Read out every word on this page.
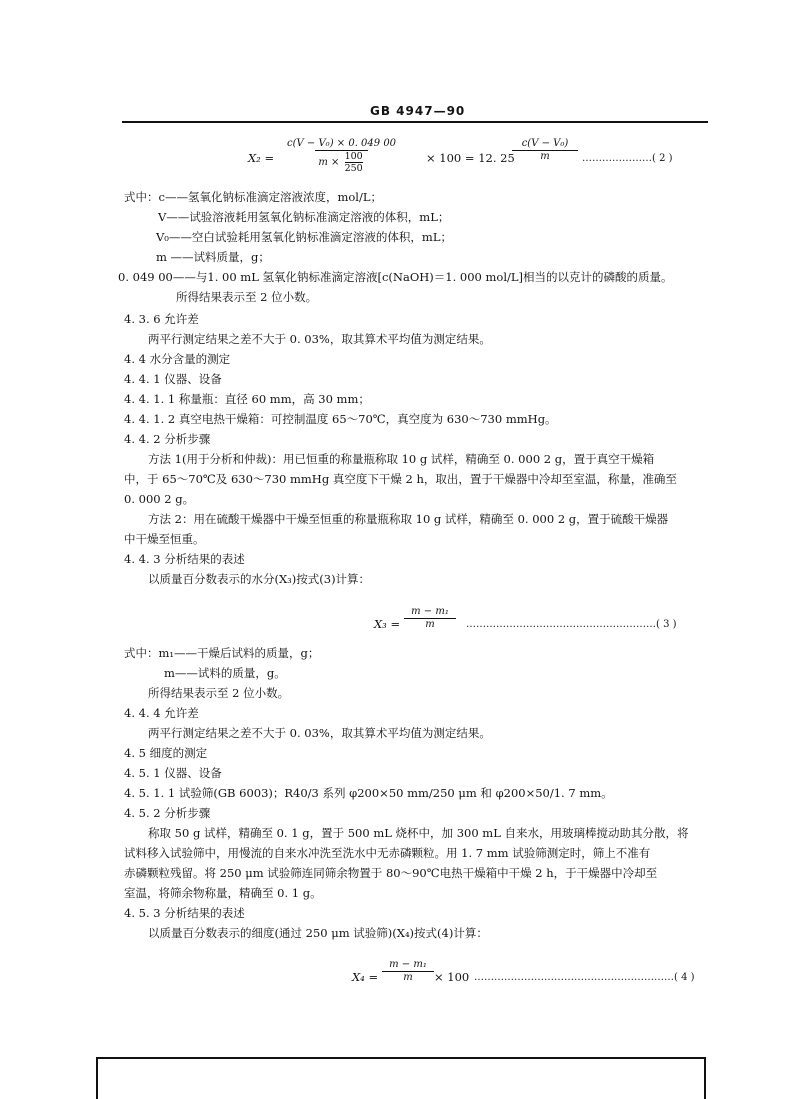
GB 4947—90
$X_2 = \frac{\text{c(V − V₀) × 0. 049 00}}{m \times \frac{100}{250}} \times 100 = 12$. 25
$\frac{\text{c(V − V₀)}}{m}$ …………………( 2 )
式中：c——氢氧化钠标准滴定溶液浓度，mol/L；
V——试验溶液耗用氢氧化钠标准滴定溶液的体积，mL；
V₀——空白试验耗用氢氧化钠标准滴定溶液的体积，mL；
m ——试料质量，g；
0. 049 00——与1. 00 mL 氢氧化钠标准滴定溶液[c(NaOH)＝1. 000 mol/L]相当的以克计的磷酸的质量。
所得结果表示至 2 位小数。
4. 3. 6 允许差
两平行测定结果之差不大于 0. 03%，取其算术平均值为测定结果。
4. 4 水分含量的测定
4. 4. 1 仪器、设备
4. 4. 1. 1 称量瓶：直径 60 mm，高 30 mm；
4. 4. 1. 2 真空电热干燥箱：可控制温度 65～70℃，真空度为 630～730 mmHg。
4. 4. 2 分析步骤
方法 1(用于分析和仲裁)：用已恒重的称量瓶称取 10 g 试样，精确至 0. 000 2 g，置于真空干燥箱
中，于 65～70℃及 630～730 mmHg 真空度下干燥 2 h，取出，置于干燥器中冷却至室温，称量，准确至
0. 000 2 g。
方法 2：用在硫酸干燥器中干燥至恒重的称量瓶称取 10 g 试样，精确至 0. 000 2 g，置于硫酸干燥器
中干燥至恒重。
4. 4. 3 分析结果的表述
以质量百分数表示的水分(X₃)按式(3)计算：
$X_3 = \frac{\text{m − m₁}}{m}$ …………………………………………………( 3 )
式中：m₁——干燥后试料的质量，g；
m——试料的质量，g。
所得结果表示至 2 位小数。
4. 4. 4 允许差
两平行测定结果之差不大于 0. 03%，取其算术平均值为测定结果。
4. 5 细度的测定
4. 5. 1 仪器、设备
4. 5. 1. 1 试验筛(GB 6003)；R40/3 系列 φ200×50 mm/250 μm 和 φ200×50/1. 7 mm。
4. 5. 2 分析步骤
称取 50 g 试样，精确至 0. 1 g，置于 500 mL 烧杯中，加 300 mL 自来水，用玻璃棒搅动助其分散，将
试料移入试验筛中，用慢流的自来水冲洗至洗水中无赤磷颗粒。用 1. 7 mm 试验筛测定时，筛上不准有
赤磷颗粒残留。将 250 μm 试验筛连同筛余物置于 80～90℃电热干燥箱中干燥 2 h，于干燥器中冷却至
室温，将筛余物称量，精确至 0. 1 g。
4. 5. 3 分析结果的表述
以质量百分数表示的细度(通过 250 μm 试验筛)(X₄)按式(4)计算：
$X_4 = \frac{\text{m − m₁}}{m} \times 100$ ……………………………………………………( 4 )
